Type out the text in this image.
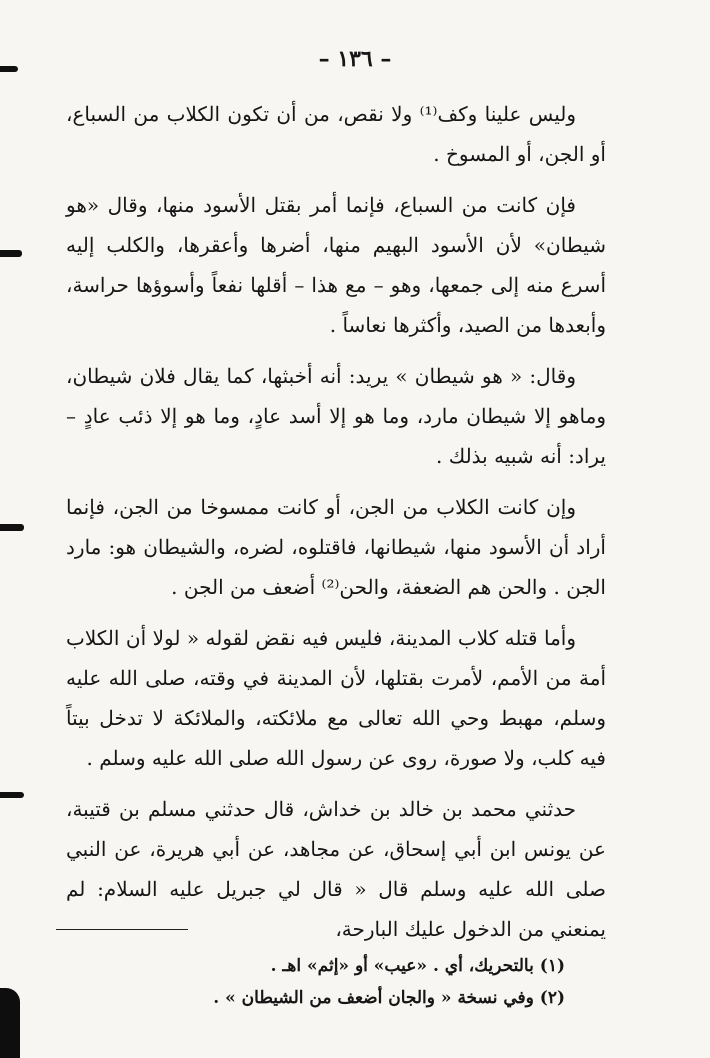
– ١٣٦ –

وليس علينا وكف⁽¹⁾ ولا نقص، من أن تكون الكلاب من السباع، أو الجن، أو المسوخ .

فإن كانت من السباع، فإنما أمر بقتل الأسود منها، وقال «هو شيطان» لأن الأسود البهيم منها، أضرها وأعقرها، والكلب إليه أسرع منه إلى جمعها، وهو – مع هذا – أقلها نفعاً وأسوؤها حراسة، وأبعدها من الصيد، وأكثرها نعاساً .

وقال: « هو شيطان » يريد: أنه أخبثها، كما يقال فلان شيطان، وماهو إلا شيطان مارد، وما هو إلا أسد عادٍ، وما هو إلا ذئب عادٍ – يراد: أنه شبيه بذلك .

وإن كانت الكلاب من الجن، أو كانت ممسوخا من الجن، فإنما أراد أن الأسود منها، شيطانها، فاقتلوه، لضره، والشيطان هو: مارد الجن . والحن هم الضعفة، والحن⁽²⁾ أضعف من الجن .

وأما قتله كلاب المدينة، فليس فيه نقض لقوله « لولا أن الكلاب أمة من الأمم، لأمرت بقتلها، لأن المدينة في وقته، صلى الله عليه وسلم، مهبط وحي الله تعالى مع ملائكته، والملائكة لا تدخل بيتاً فيه كلب، ولا صورة، روى عن رسول الله صلى الله عليه وسلم .

حدثني محمد بن خالد بن خداش، قال حدثني مسلم بن قتيبة، عن يونس ابن أبي إسحاق، عن مجاهد، عن أبي هريرة، عن النبي صلى الله عليه وسلم قال « قال لي جبريل عليه السلام: لم يمنعني من الدخول عليك البارحة،

(١) بالتحريك، أي . «عيب» أو «إثم» اهـ .

(٢) وفي نسخة « والجان أضعف من الشيطان » .
